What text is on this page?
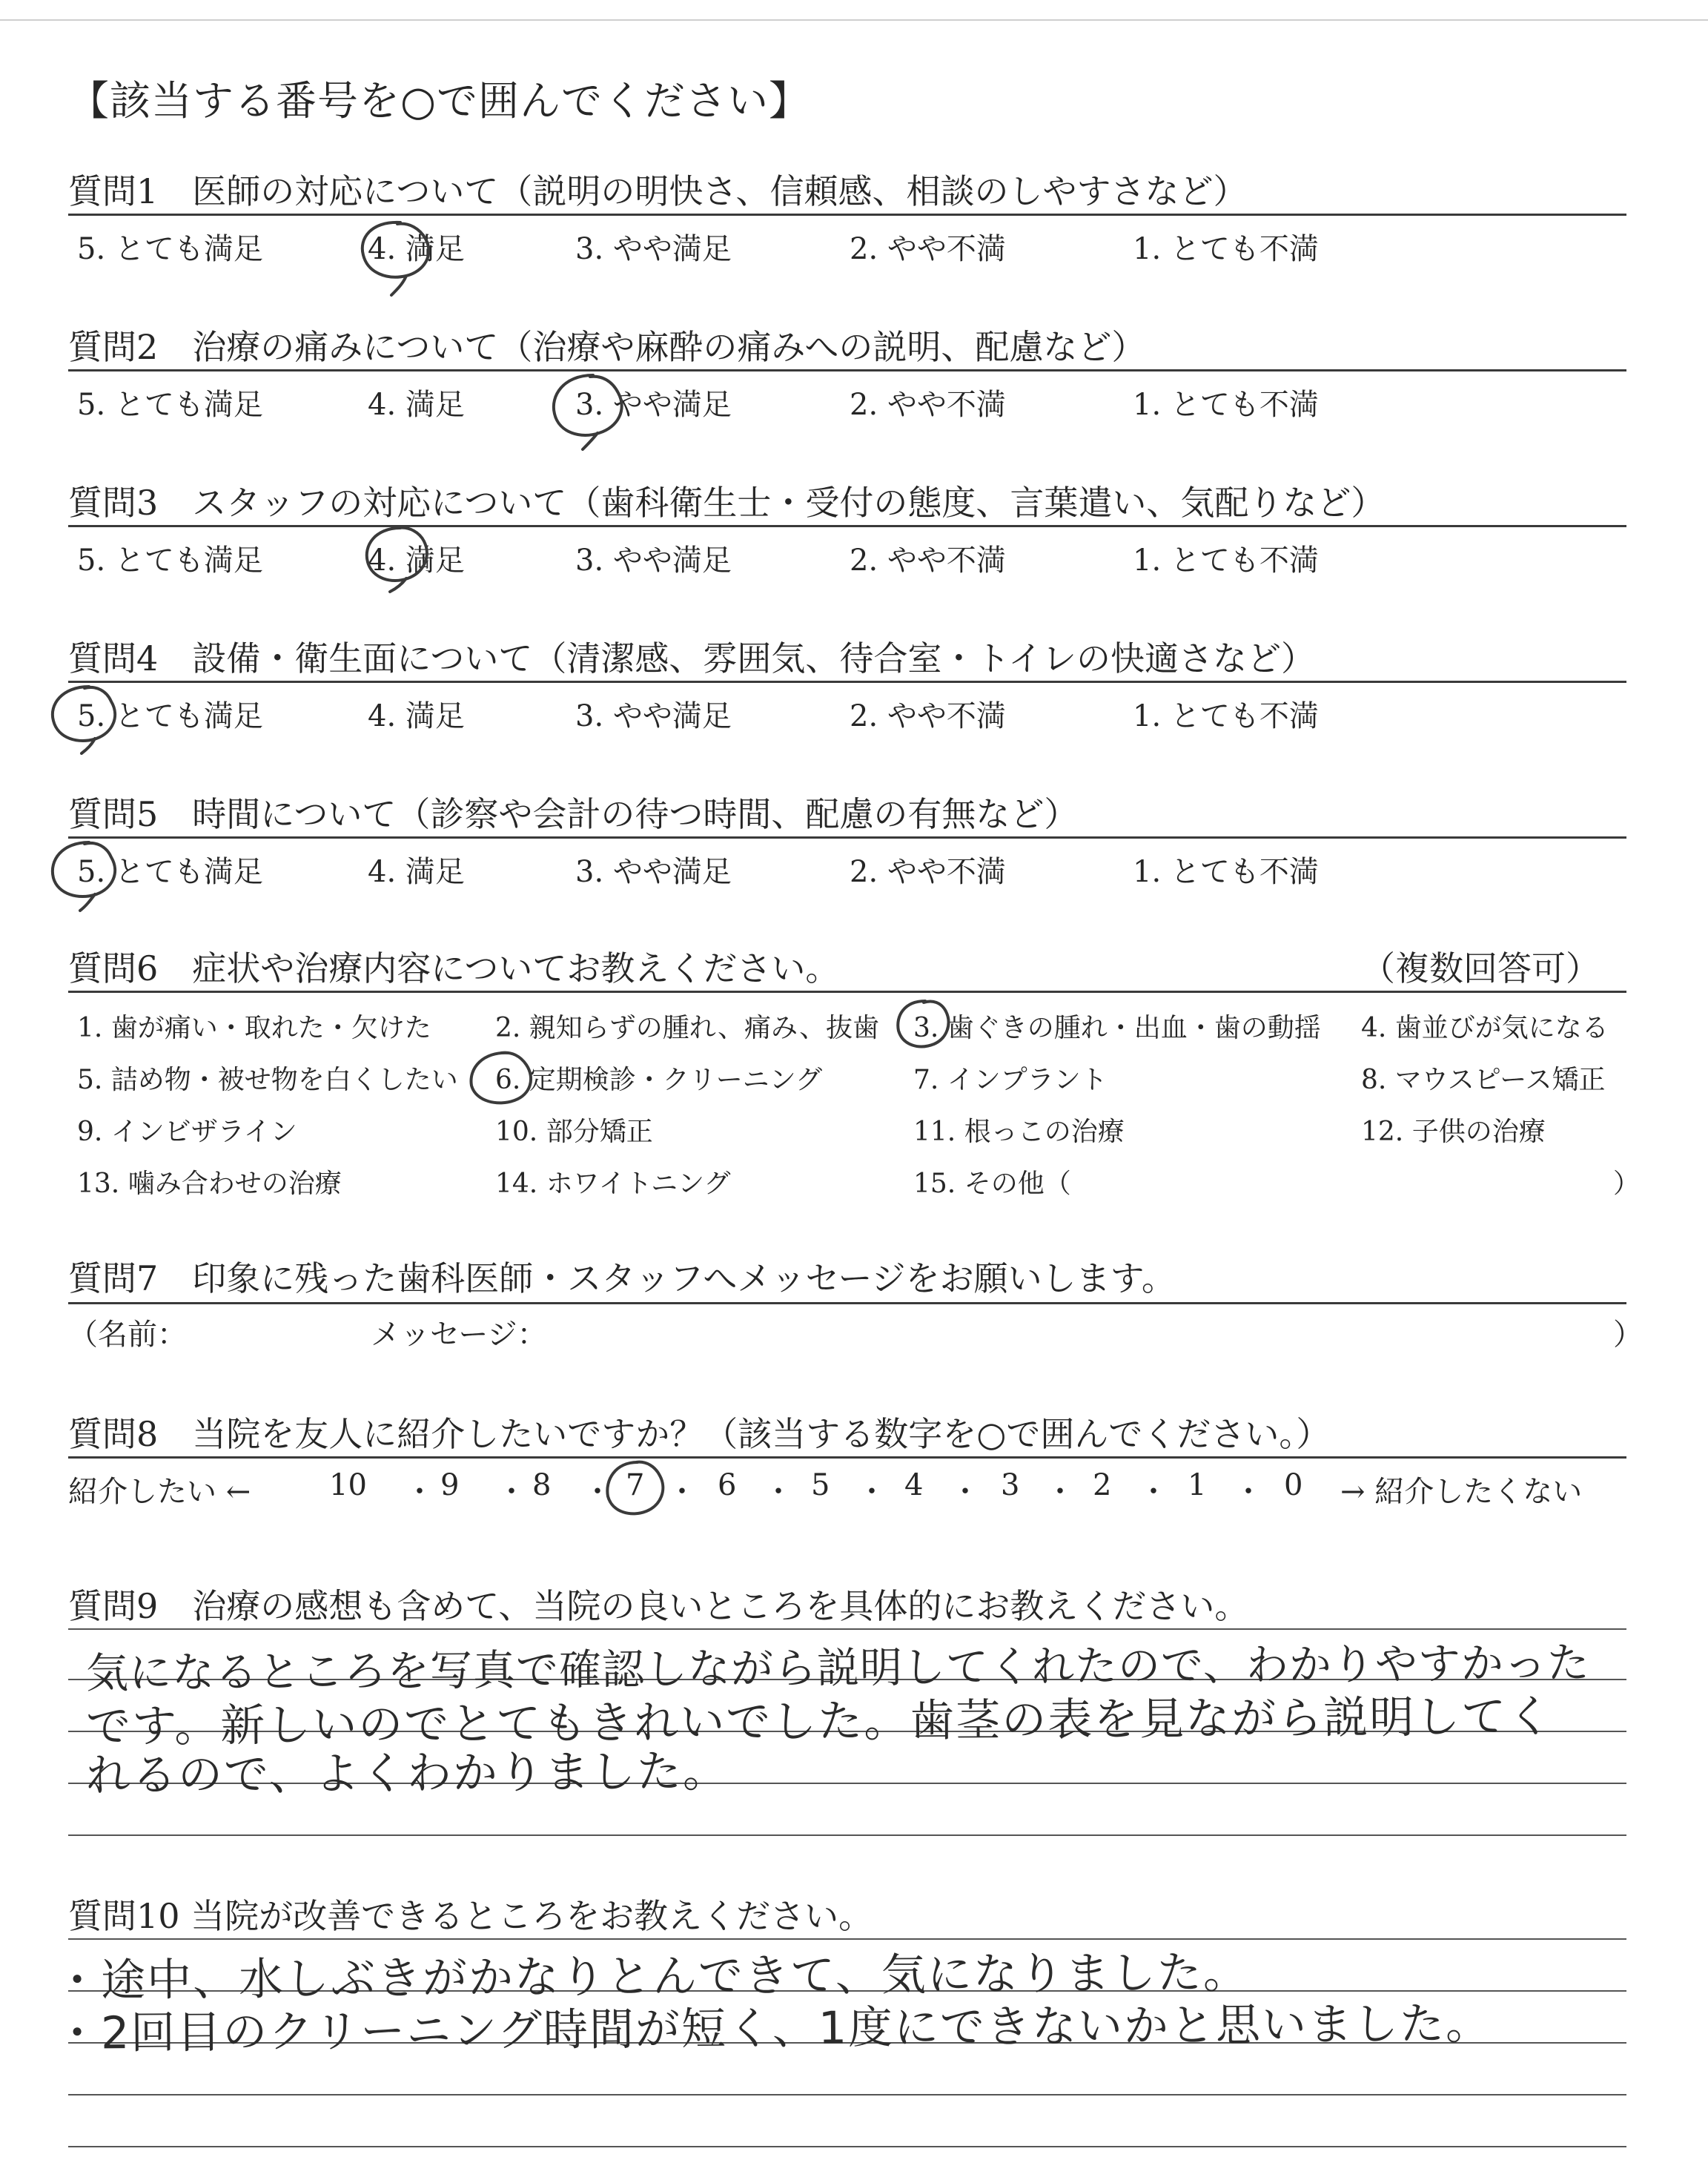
【該当する番号を○で囲んでください】
質問1　医師の対応について（説明の明快さ、信頼感、相談のしやすさなど）
5. とても満足	4. 満足	3. やや満足	2. やや不満	1. とても不満
質問2　治療の痛みについて（治療や麻酔の痛みへの説明、配慮など）
5. とても満足	4. 満足	3. やや満足	2. やや不満	1. とても不満
質問3　スタッフの対応について（歯科衛生士・受付の態度、言葉遣い、気配りなど）
5. とても満足	4. 満足	3. やや満足	2. やや不満	1. とても不満
質問4　設備・衛生面について（清潔感、雰囲気、待合室・トイレの快適さなど）
5. とても満足	4. 満足	3. やや満足	2. やや不満	1. とても不満
質問5　時間について（診察や会計の待つ時間、配慮の有無など）
5. とても満足	4. 満足	3. やや満足	2. やや不満	1. とても不満
質問6　症状や治療内容についてお教えください。	（複数回答可）
1. 歯が痛い・取れた・欠けた 2. 親知らずの腫れ、痛み、抜歯 3. 歯ぐきの腫れ・出血・歯の動揺 4. 歯並びが気になる
5. 詰め物・被せ物を白くしたい 6. 定期検診・クリーニング	7. インプラント	8. マウスピース矯正
9. インビザライン	10. 部分矯正	11. 根っこの治療	12. 子供の治療
13. 噛み合わせの治療	14. ホワイトニング	15. その他（	）
質問7　印象に残った歯科医師・スタッフへメッセージをお願いします。
（名前：	メッセージ：	）
質問8　当院を友人に紹介したいですか？（該当する数字を○で囲んでください。）
紹介したい ←	→ 紹介したくない
10 ・ 9 ・ 8 ・ 7 ・ 6 ・ 5 ・ 4 ・ 3 ・ 2 ・ 1 ・ 0
質問9　治療の感想も含めて、当院の良いところを具体的にお教えください。
気になるところを写真で確認しながら説明してくれたので、わかりやすかった
です。新しいのでとてもきれいでした。歯茎の表を見ながら説明してく
れるので、よくわかりました。
質問10 当院が改善できるところをお教えください。
・途中、水しぶきがかなりとんできて、気になりました。
・2回目のクリーニング時間が短く、1度にできないかと思いました。
